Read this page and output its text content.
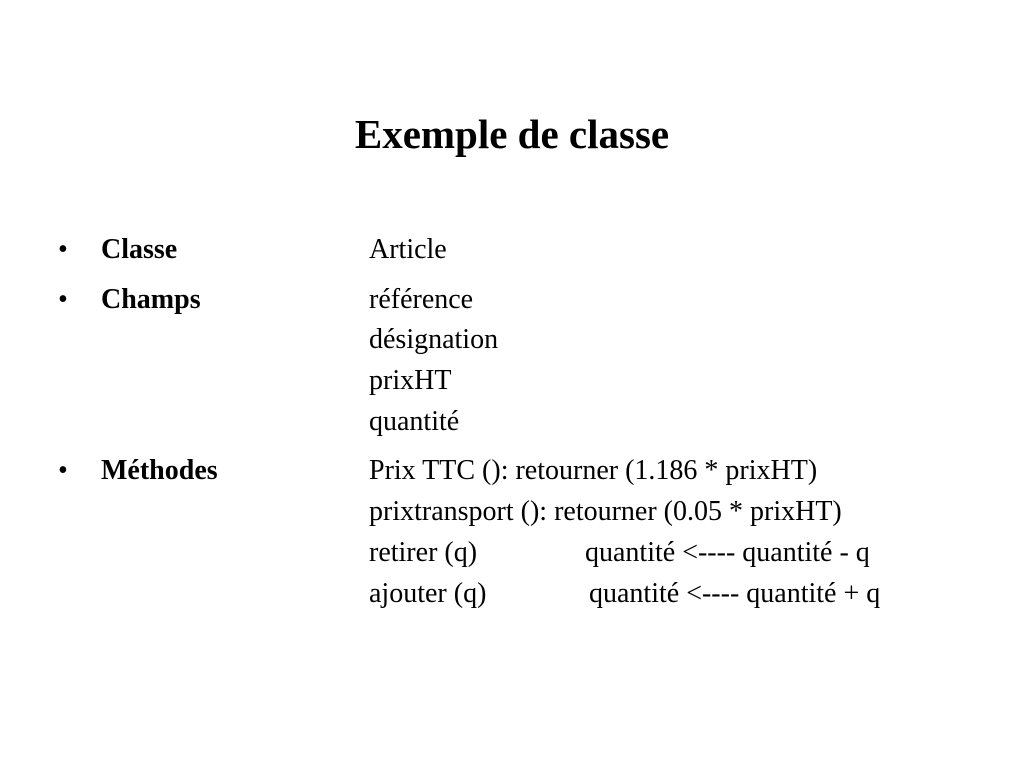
Exemple de classe
• Classe	Article
• Champs	référence
désignation
prixHT
quantité
• Méthodes	Prix TTC (): retourner (1.186 * prixHT)
prixtransport (): retourner (0.05 * prixHT)
retirer (q)	quantité <---- quantité - q
ajouter (q)	quantité <---- quantité + q
